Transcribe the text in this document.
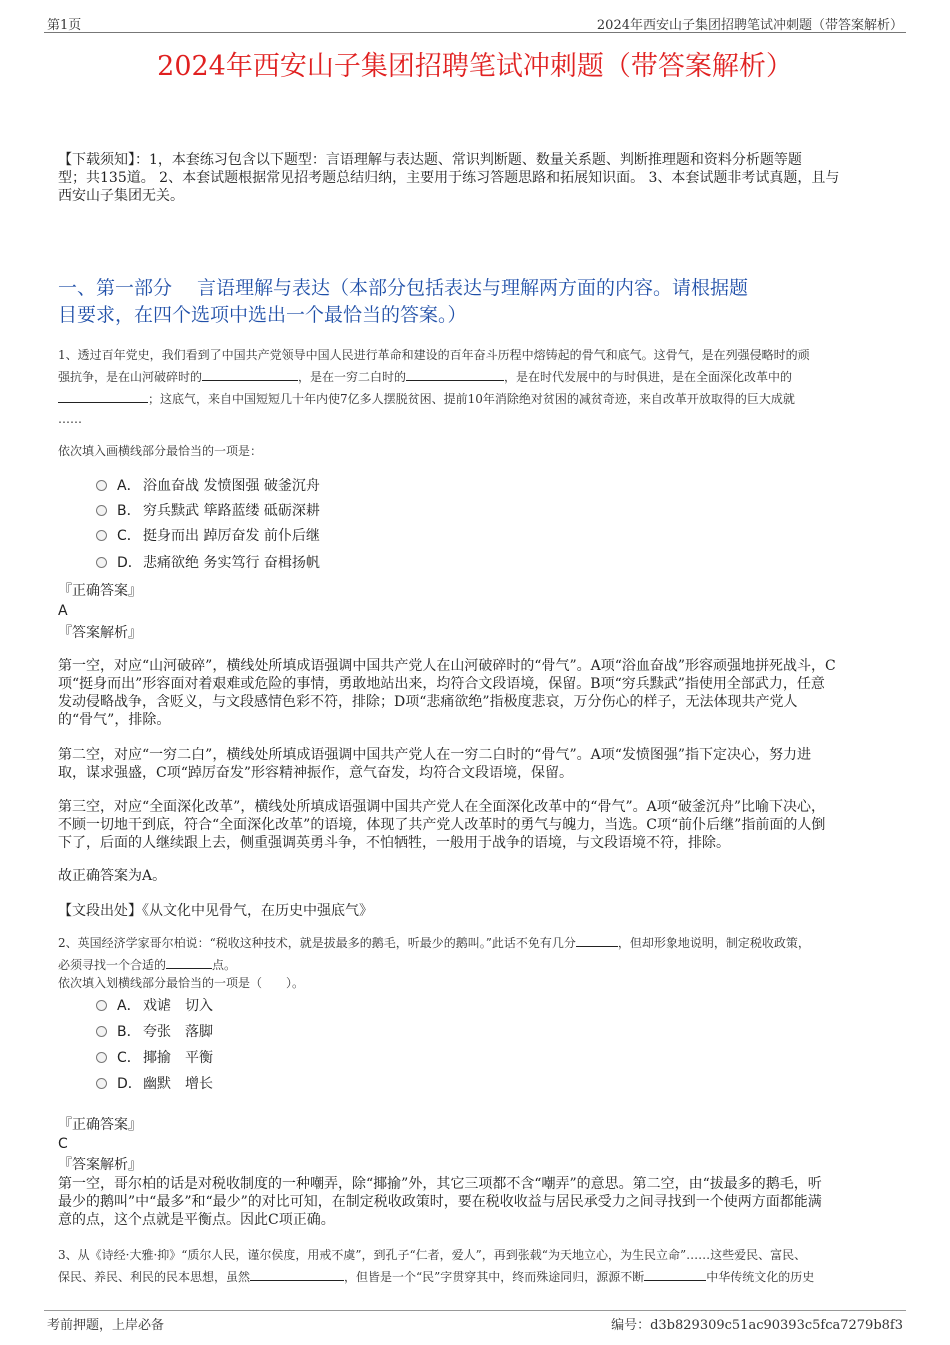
第1页	2024年西安山子集团招聘笔试冲刺题（带答案解析）
2024年西安山子集团招聘笔试冲刺题（带答案解析）
【下载须知】：1，本套练习包含以下题型：言语理解与表达题、常识判断题、数量关系题、判断推理题和资料分析题等题
型；共135道。 2、本套试题根据常见招考题总结归纳，主要用于练习答题思路和拓展知识面。 3、本套试题非考试真题，且与
西安山子集团无关。
一、第一部分　 言语理解与表达（本部分包括表达与理解两方面的内容。请根据题
目要求，在四个选项中选出一个最恰当的答案。）
1、透过百年党史，我们看到了中国共产党领导中国人民进行革命和建设的百年奋斗历程中熔铸起的骨气和底气。这骨气，是在列强侵略时的顽
强抗争，是在山河破碎时的	，是在一穷二白时的	，是在时代发展中的与时俱进，是在全面深化改革中的
；这底气，来自中国短短几十年内使7亿多人摆脱贫困、提前10年消除绝对贫困的减贫奇迹，来自改革开放取得的巨大成就
……
依次填入画横线部分最恰当的一项是：
A． 浴血奋战 发愤图强 破釜沉舟
B． 穷兵黩武 筚路蓝缕 砥砺深耕
C． 挺身而出 踔厉奋发 前仆后继
D．悲痛欲绝 务实笃行 奋楫扬帆
『正确答案』
A
『答案解析』
第一空，对应“山河破碎”，横线处所填成语强调中国共产党人在山河破碎时的“骨气”。A项“浴血奋战”形容顽强地拼死战斗，C
项“挺身而出”形容面对着艰难或危险的事情，勇敢地站出来，均符合文段语境，保留。B项“穷兵黩武”指使用全部武力，任意
发动侵略战争，含贬义，与文段感情色彩不符，排除；D项“悲痛欲绝”指极度悲哀，万分伤心的样子，无法体现共产党人
的“骨气”，排除。
第二空，对应“一穷二白”，横线处所填成语强调中国共产党人在一穷二白时的“骨气”。A项“发愤图强”指下定决心，努力进
取，谋求强盛，C项“踔厉奋发”形容精神振作，意气奋发，均符合文段语境，保留。
第三空，对应“全面深化改革”，横线处所填成语强调中国共产党人在全面深化改革中的“骨气”。A项“破釜沉舟”比喻下决心，
不顾一切地干到底，符合“全面深化改革”的语境，体现了共产党人改革时的勇气与魄力，当选。C项“前仆后继”指前面的人倒
下了，后面的人继续跟上去，侧重强调英勇斗争，不怕牺牲，一般用于战争的语境，与文段语境不符，排除。
故正确答案为A。
【文段出处】《从文化中见骨气，在历史中强底气》
2、英国经济学家哥尔柏说：“税收这种技术，就是拔最多的鹅毛，听最少的鹅叫。”此话不免有几分	，但却形象地说明，制定税收政策，
必须寻找一个合适的	点。
依次填入划横线部分最恰当的一项是（　　）。
A． 戏谑　切入
B． 夸张　落脚
C． 揶揄　平衡
D．幽默　增长
『正确答案』
C
『答案解析』
第一空，哥尔柏的话是对税收制度的一种嘲弄，除“揶揄”外，其它三项都不含“嘲弄”的意思。第二空，由“拔最多的鹅毛，听
最少的鹅叫”中“最多”和“最少”的对比可知，在制定税收政策时，要在税收收益与居民承受力之间寻找到一个使两方面都能满
意的点，这个点就是平衡点。因此C项正确。
3、从《诗经·大雅·抑》“质尔人民，谨尔侯度，用戒不虞”，到孔子“仁者，爱人”，再到张载“为天地立心，为生民立命”……这些爱民、富民、
保民、养民、利民的民本思想，虽然	，但皆是一个“民”字贯穿其中，终而殊途同归，源源不断	中华传统文化的历史
考前押题，上岸必备	编号：d3b829309c51ac90393c5fca7279b8f3
